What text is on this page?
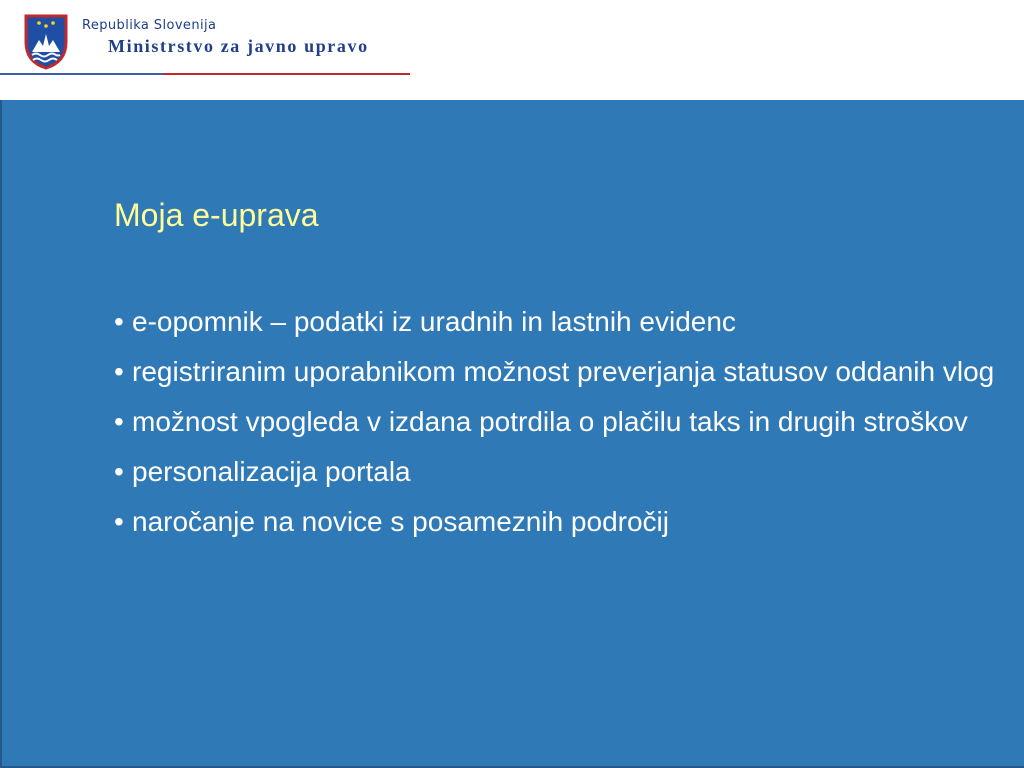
Republika Slovenija
Ministrstvo za javno upravo
Moja e-uprava
• e-opomnik – podatki iz uradnih in lastnih evidenc
• registriranim uporabnikom možnost preverjanja statusov oddanih vlog
• možnost vpogleda v izdana potrdila o plačilu taks in drugih stroškov
• personalizacija portala
• naročanje na novice s posameznih področij
